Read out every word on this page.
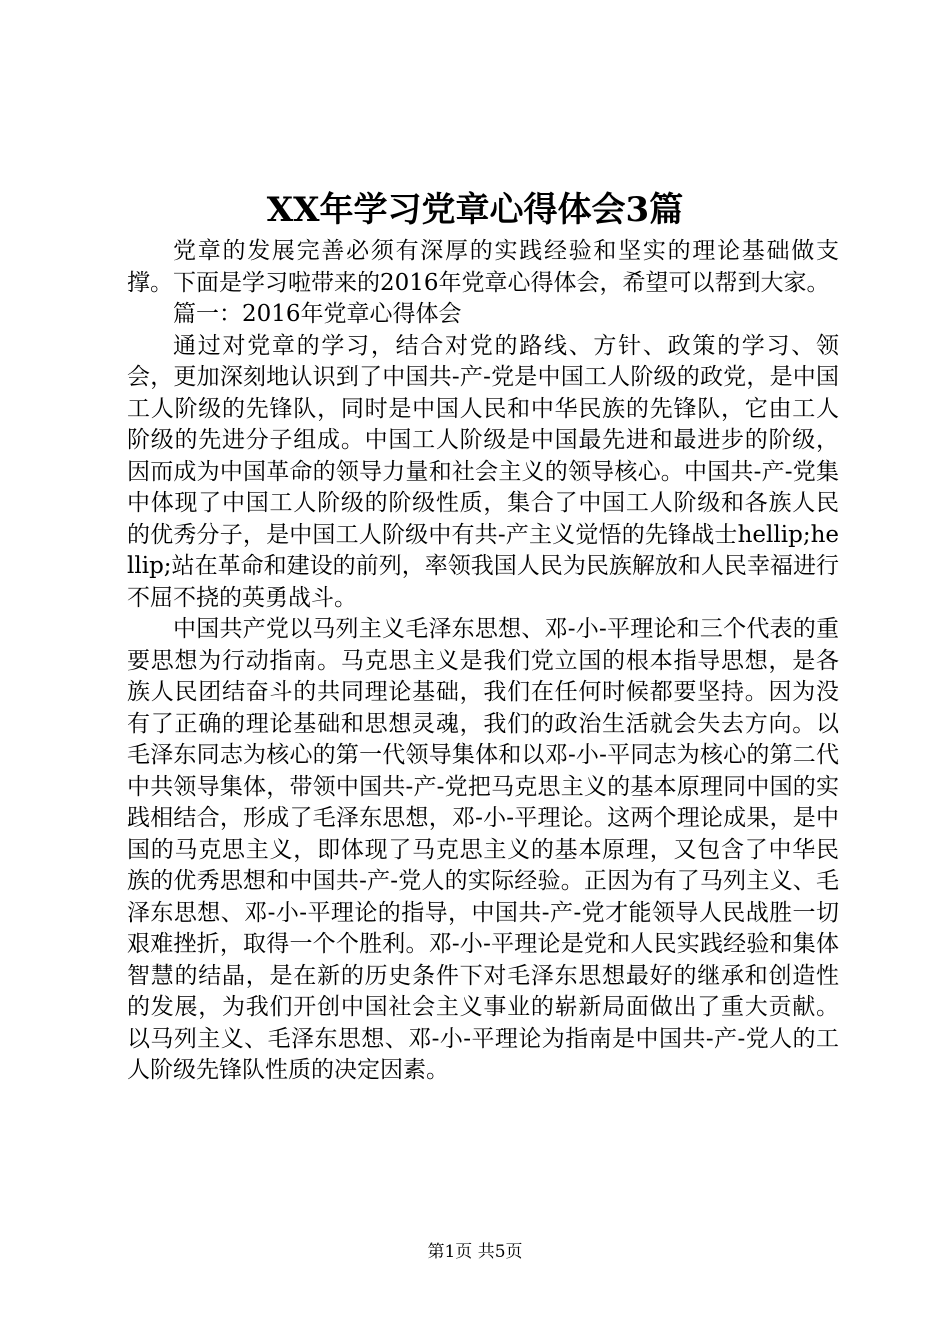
XX年学习党章心得体会3篇

党章的发展完善必须有深厚的实践经验和坚实的理论基础做支撑。下面是学习啦带来的2016年党章心得体会，希望可以帮到大家。

篇一：2016年党章心得体会

通过对党章的学习，结合对党的路线、方针、政策的学习、领会，更加深刻地认识到了中国共-产-党是中国工人阶级的政党，是中国工人阶级的先锋队，同时是中国人民和中华民族的先锋队，它由工人阶级的先进分子组成。中国工人阶级是中国最先进和最进步的阶级，因而成为中国革命的领导力量和社会主义的领导核心。中国共-产-党集中体现了中国工人阶级的阶级性质，集合了中国工人阶级和各族人民的优秀分子，是中国工人阶级中有共-产主义觉悟的先锋战士hellip;hellip;站在革命和建设的前列，率领我国人民为民族解放和人民幸福进行不屈不挠的英勇战斗。

中国共产党以马列主义毛泽东思想、邓-小-平理论和三个代表的重要思想为行动指南。马克思主义是我们党立国的根本指导思想，是各族人民团结奋斗的共同理论基础，我们在任何时候都要坚持。因为没有了正确的理论基础和思想灵魂，我们的政治生活就会失去方向。以毛泽东同志为核心的第一代领导集体和以邓-小-平同志为核心的第二代中共领导集体，带领中国共-产-党把马克思主义的基本原理同中国的实践相结合，形成了毛泽东思想，邓-小-平理论。这两个理论成果，是中国的马克思主义，即体现了马克思主义的基本原理，又包含了中华民族的优秀思想和中国共-产-党人的实际经验。正因为有了马列主义、毛泽东思想、邓-小-平理论的指导，中国共-产-党才能领导人民战胜一切艰难挫折，取得一个个胜利。邓-小-平理论是党和人民实践经验和集体智慧的结晶，是在新的历史条件下对毛泽东思想最好的继承和创造性的发展，为我们开创中国社会主义事业的崭新局面做出了重大贡献。以马列主义、毛泽东思想、邓-小-平理论为指南是中国共-产-党人的工人阶级先锋队性质的决定因素。

第1页 共5页
